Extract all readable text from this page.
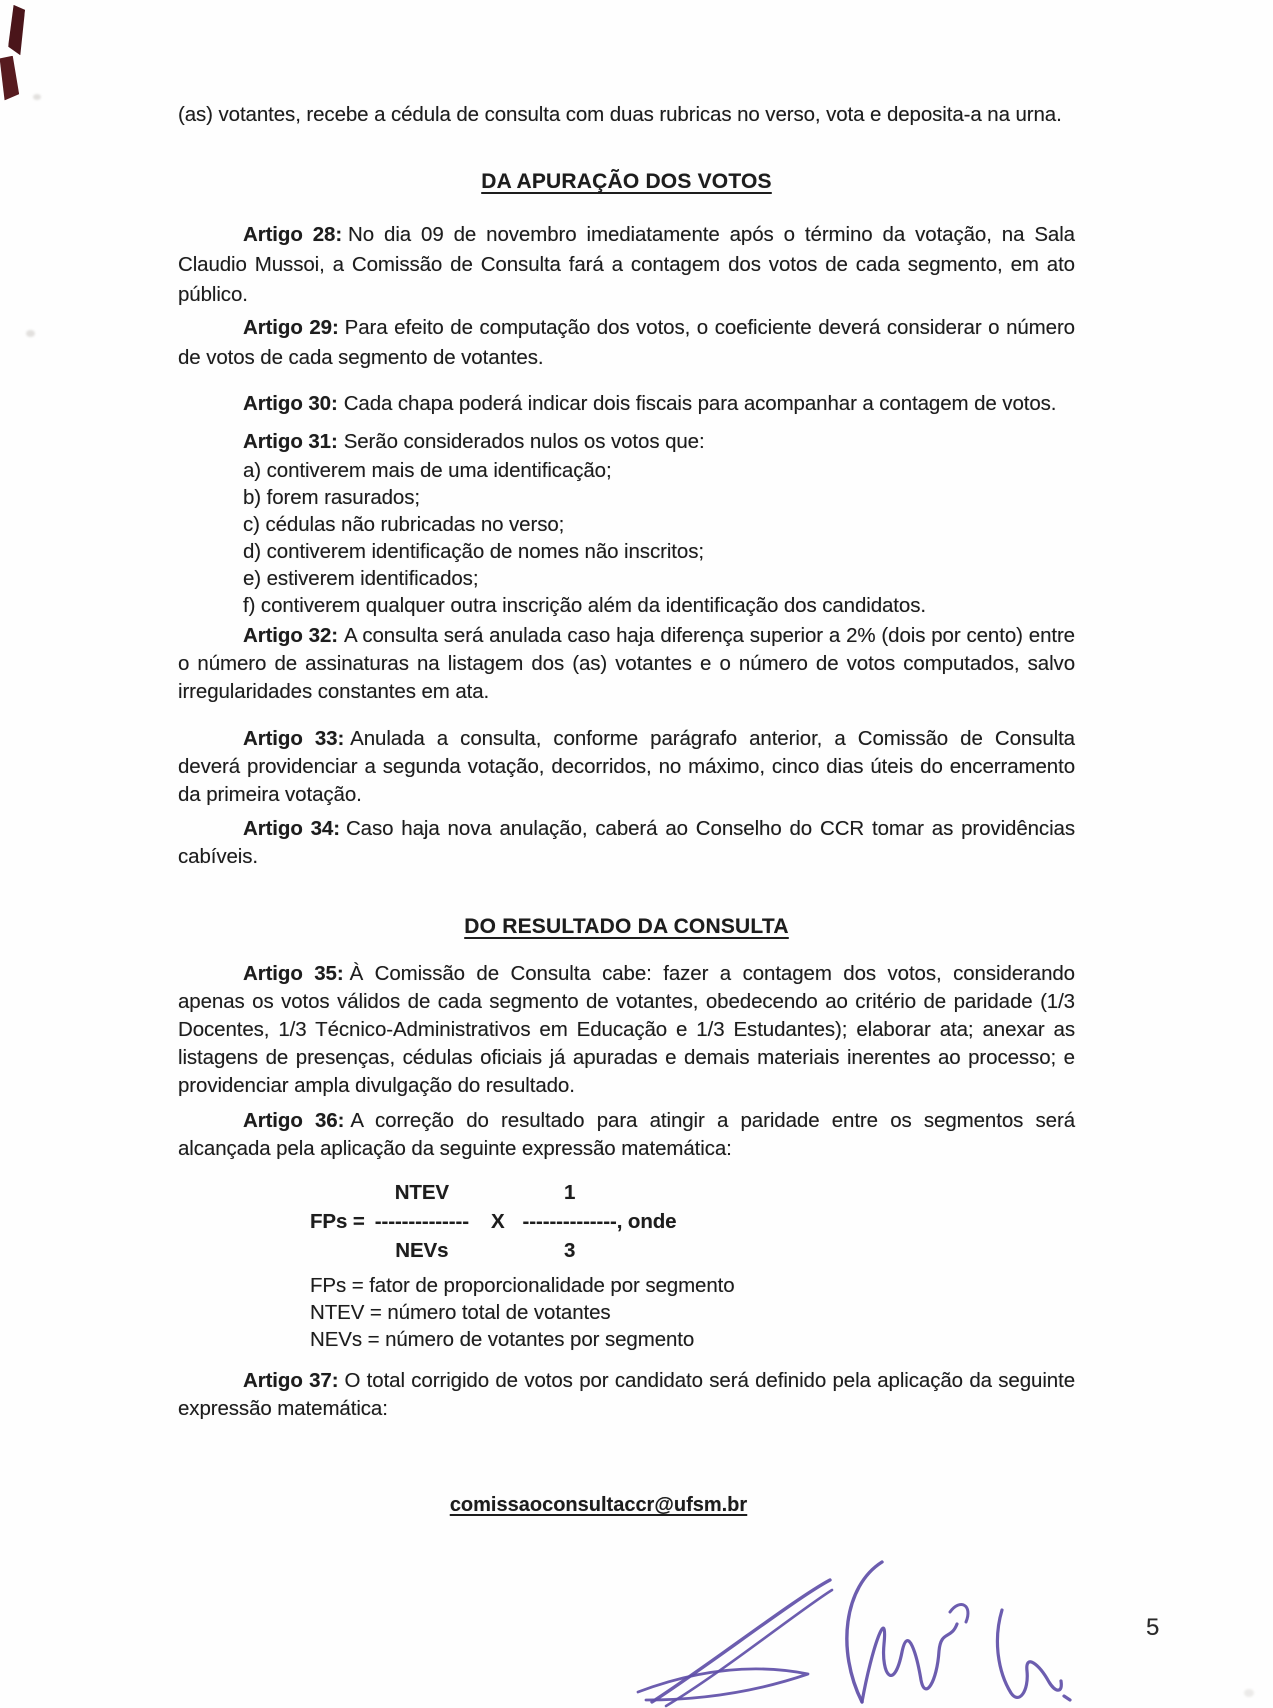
(as) votantes, recebe a cédula de consulta com duas rubricas no verso, vota e deposita-a na urna.

DA APURAÇÃO DOS VOTOS

Artigo 28: No dia 09 de novembro imediatamente após o término da votação, na Sala Claudio Mussoi, a Comissão de Consulta fará a contagem dos votos de cada segmento, em ato público.

Artigo 29: Para efeito de computação dos votos, o coeficiente deverá considerar o número de votos de cada segmento de votantes.

Artigo 30: Cada chapa poderá indicar dois fiscais para acompanhar a contagem de votos.

Artigo 31: Serão considerados nulos os votos que:

a) contiverem mais de uma identificação;
b) forem rasurados;
c) cédulas não rubricadas no verso;
d) contiverem identificação de nomes não inscritos;
e) estiverem identificados;
f) contiverem qualquer outra inscrição além da identificação dos candidatos.

Artigo 32: A consulta será anulada caso haja diferença superior a 2% (dois por cento) entre o número de assinaturas na listagem dos (as) votantes e o número de votos computados, salvo irregularidades constantes em ata.

Artigo 33: Anulada a consulta, conforme parágrafo anterior, a Comissão de Consulta deverá providenciar a segunda votação, decorridos, no máximo, cinco dias úteis do encerramento da primeira votação.

Artigo 34: Caso haja nova anulação, caberá ao Conselho do CCR tomar as providências cabíveis.

DO RESULTADO DA CONSULTA

Artigo 35: À Comissão de Consulta cabe: fazer a contagem dos votos, considerando apenas os votos válidos de cada segmento de votantes, obedecendo ao critério de paridade (1/3 Docentes, 1/3 Técnico-Administrativos em Educação e 1/3 Estudantes); elaborar ata; anexar as listagens de presenças, cédulas oficiais já apuradas e demais materiais inerentes ao processo; e providenciar ampla divulgação do resultado.

Artigo 36: A correção do resultado para atingir a paridade entre os segmentos será alcançada pela aplicação da seguinte expressão matemática:

FPs =
NTEV
--------------
NEVs
X
1
--------------
3
, onde
FPs = fator de proporcionalidade por segmento
NTEV = número total de votantes
NEVs = número de votantes por segmento

Artigo 37: O total corrigido de votos por candidato será definido pela aplicação da seguinte expressão matemática:

comissaoconsultaccr@ufsm.br
5
